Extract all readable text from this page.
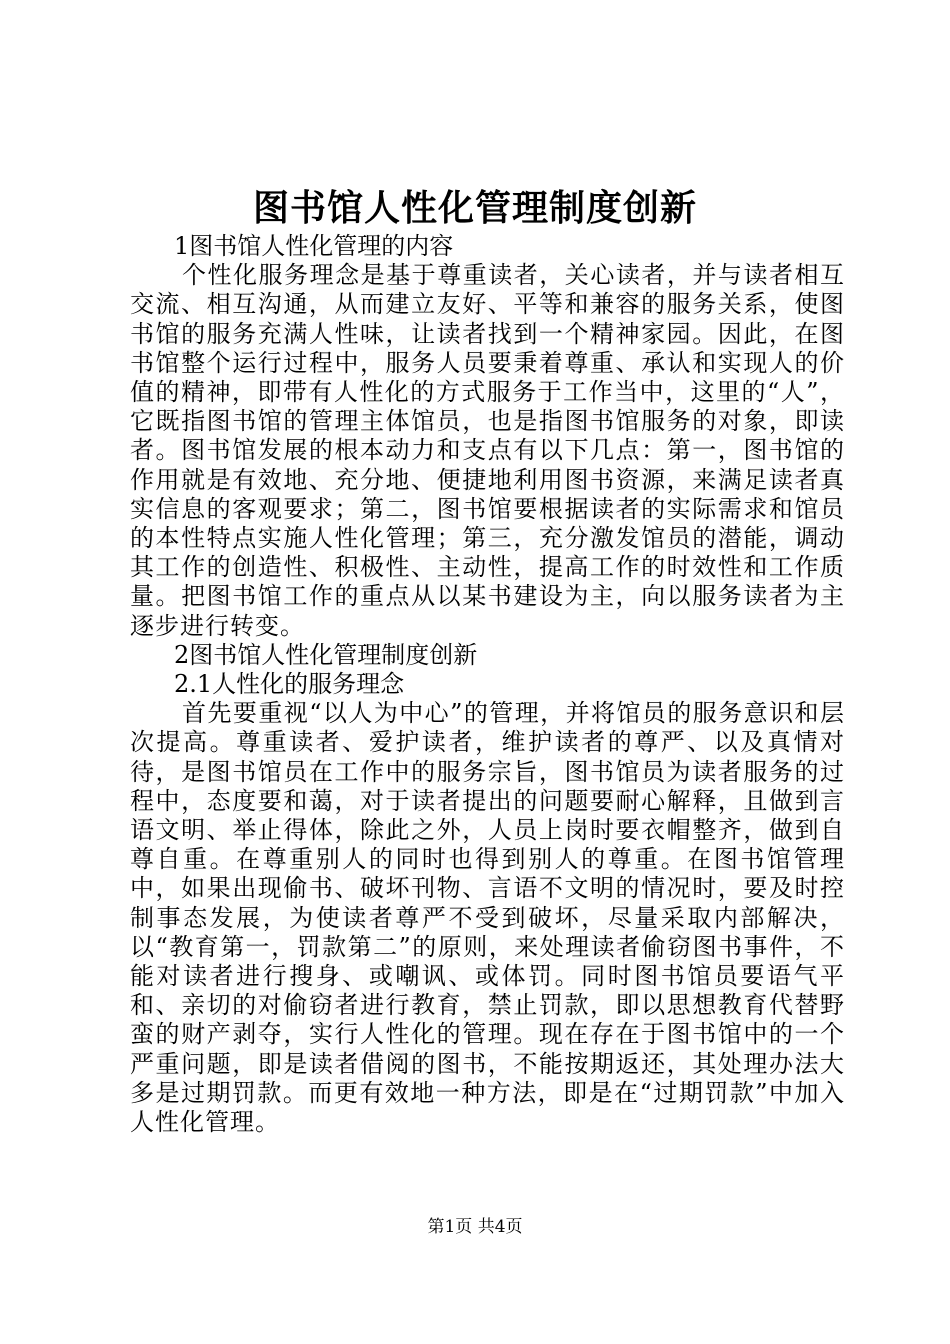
图书馆人性化管理制度创新

1图书馆人性化管理的内容

个性化服务理念是基于尊重读者，关心读者，并与读者相互交流、相互沟通，从而建立友好、平等和兼容的服务关系，使图书馆的服务充满人性味，让读者找到一个精神家园。因此，在图书馆整个运行过程中，服务人员要秉着尊重、承认和实现人的价值的精神，即带有人性化的方式服务于工作当中，这里的“人”，它既指图书馆的管理主体馆员，也是指图书馆服务的对象，即读者。图书馆发展的根本动力和支点有以下几点：第一，图书馆的作用就是有效地、充分地、便捷地利用图书资源，来满足读者真实信息的客观要求；第二，图书馆要根据读者的实际需求和馆员的本性特点实施人性化管理；第三，充分激发馆员的潜能，调动其工作的创造性、积极性、主动性，提高工作的时效性和工作质量。把图书馆工作的重点从以某书建设为主，向以服务读者为主逐步进行转变。

2图书馆人性化管理制度创新

2.1人性化的服务理念

首先要重视“以人为中心”的管理，并将馆员的服务意识和层次提高。尊重读者、爱护读者，维护读者的尊严、以及真情对待，是图书馆员在工作中的服务宗旨，图书馆员为读者服务的过程中，态度要和蔼，对于读者提出的问题要耐心解释，且做到言语文明、举止得体，除此之外，人员上岗时要衣帽整齐，做到自尊自重。在尊重别人的同时也得到别人的尊重。在图书馆管理中，如果出现偷书、破坏刊物、言语不文明的情况时，要及时控制事态发展，为使读者尊严不受到破坏，尽量采取内部解决，以“教育第一，罚款第二”的原则，来处理读者偷窃图书事件，不能对读者进行搜身、或嘲讽、或体罚。同时图书馆员要语气平和、亲切的对偷窃者进行教育，禁止罚款，即以思想教育代替野蛮的财产剥夺，实行人性化的管理。现在存在于图书馆中的一个严重问题，即是读者借阅的图书，不能按期返还，其处理办法大多是过期罚款。而更有效地一种方法，即是在“过期罚款”中加入人性化管理。

第1页 共4页
